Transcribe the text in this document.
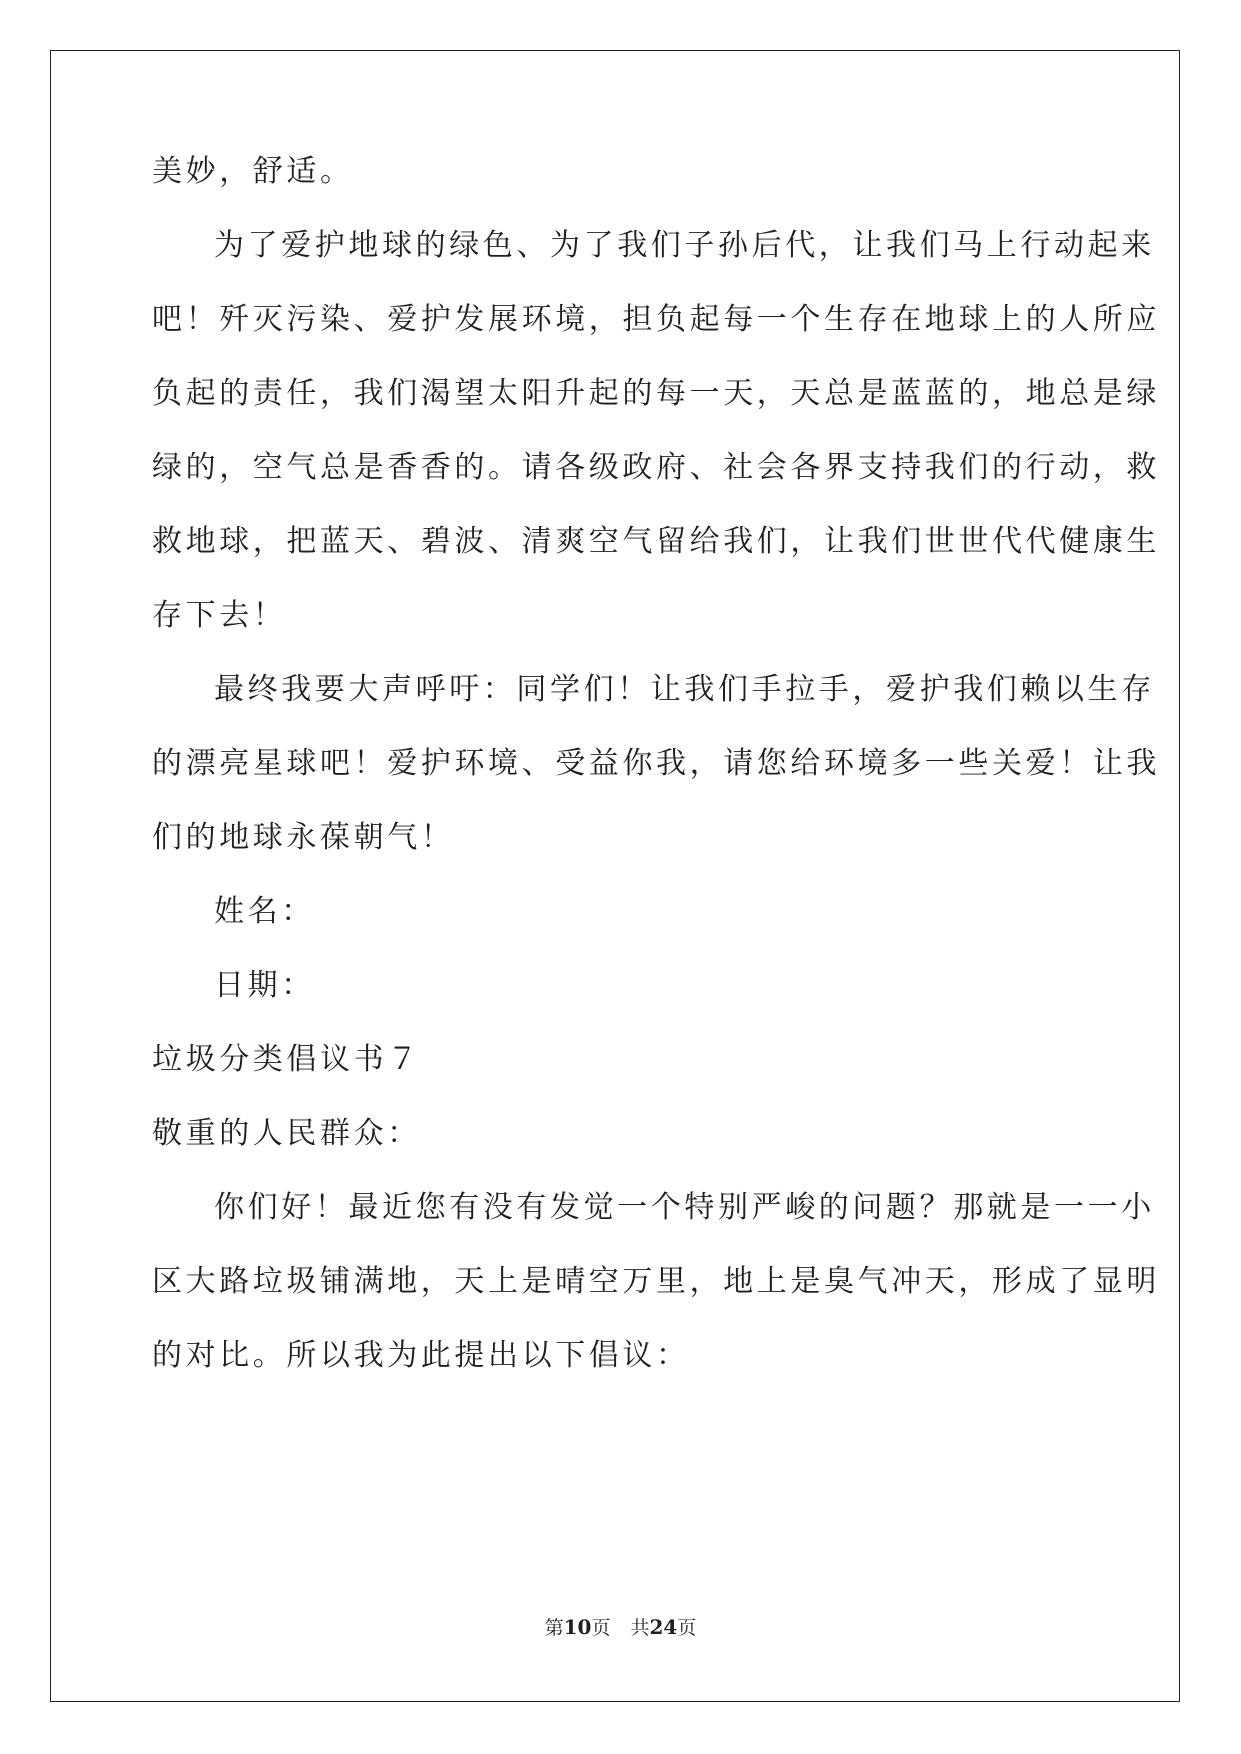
美妙，舒适。
为了爱护地球的绿色、为了我们子孙后代，让我们马上行动起来
吧！歼灭污染、爱护发展环境，担负起每一个生存在地球上的人所应
负起的责任，我们渴望太阳升起的每一天，天总是蓝蓝的，地总是绿
绿的，空气总是香香的。请各级政府、社会各界支持我们的行动，救
救地球，把蓝天、碧波、清爽空气留给我们，让我们世世代代健康生
存下去！
最终我要大声呼吁：同学们！让我们手拉手，爱护我们赖以生存
的漂亮星球吧！爱护环境、受益你我，请您给环境多一些关爱！让我
们的地球永葆朝气！
姓名：
日期：
垃圾分类倡议书７
敬重的人民群众：
你们好！最近您有没有发觉一个特别严峻的问题？那就是一一小
区大路垃圾铺满地，天上是晴空万里，地上是臭气冲天，形成了显明
的对比。所以我为此提出以下倡议：
第10页 共24页
